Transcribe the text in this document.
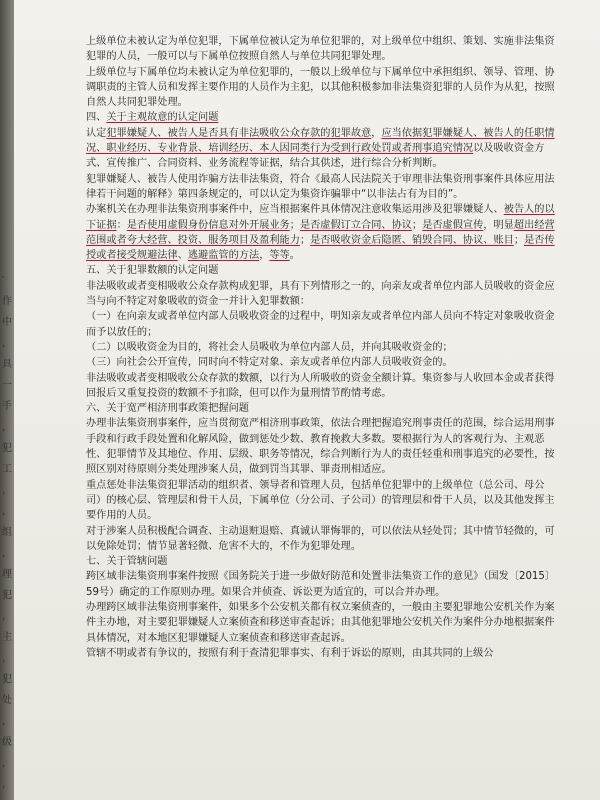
′
作
中
，
具
一
手
，
犯
工
，
，
组
，
理
犯
，
主
，
犯
处
，
级
，
，

上级单位未被认定为单位犯罪，下属单位被认定为单位犯罪的，对上级单位中组织、策划、实施非法集资犯罪的人员，一般可以与下属单位按照自然人与单位共同犯罪处理。

上级单位与下属单位均未被认定为单位犯罪的，一般以上级单位与下属单位中承担组织、领导、管理、协调职责的主管人员和发挥主要作用的人员作为主犯，以其他积极参加非法集资犯罪的人员作为从犯，按照自然人共同犯罪处理。

四、关于主观故意的认定问题

认定犯罪嫌疑人、被告人是否具有非法吸收公众存款的犯罪故意，应当依据犯罪嫌疑人、被告人的任职情况、职业经历、专业背景、培训经历、本人因同类行为受到行政处罚或者刑事追究情况以及吸收资金方式、宣传推广、合同资料、业务流程等证据，结合其供述，进行综合分析判断。

犯罪嫌疑人、被告人使用诈骗方法非法集资，符合《最高人民法院关于审理非法集资刑事案件具体应用法律若干问题的解释》第四条规定的，可以认定为集资诈骗罪中“以非法占有为目的”。

办案机关在办理非法集资刑事案件中，应当根据案件具体情况注意收集运用涉及犯罪嫌疑人、被告人的以下证据：是否使用虚假身份信息对外开展业务；是否虚假订立合同、协议；是否虚假宣传，明显超出经营范围或者夸大经营、投资、服务项目及盈利能力；是否吸收资金后隐匿、销毁合同、协议、账目；是否传授或者接受规避法律、逃避监管的方法，等等。

五、关于犯罪数额的认定问题

非法吸收或者变相吸收公众存款构成犯罪，具有下列情形之一的，向亲友或者单位内部人员吸收的资金应当与向不特定对象吸收的资金一并计入犯罪数额：

（一）在向亲友或者单位内部人员吸收资金的过程中，明知亲友或者单位内部人员向不特定对象吸收资金而予以放任的；

（二）以吸收资金为目的，将社会人员吸收为单位内部人员，并向其吸收资金的；

（三）向社会公开宣传，同时向不特定对象、亲友或者单位内部人员吸收资金的。

非法吸收或者变相吸收公众存款的数额，以行为人所吸收的资金全额计算。集资参与人收回本金或者获得回报后又重复投资的数额不予扣除，但可以作为量刑情节酌情考虑。

六、关于宽严相济刑事政策把握问题

办理非法集资刑事案件，应当贯彻宽严相济刑事政策，依法合理把握追究刑事责任的范围，综合运用刑事手段和行政手段处置和化解风险，做到惩处少数、教育挽救大多数。要根据行为人的客观行为、主观恶性、犯罪情节及其地位、作用、层级、职务等情况，综合判断行为人的责任轻重和刑事追究的必要性，按照区别对待原则分类处理涉案人员，做到罚当其罪、罪责刑相适应。

重点惩处非法集资犯罪活动的组织者、领导者和管理人员，包括单位犯罪中的上级单位（总公司、母公司）的核心层、管理层和骨干人员，下属单位（分公司、子公司）的管理层和骨干人员，以及其他发挥主要作用的人员。

对于涉案人员积极配合调查、主动退赃退赔、真诚认罪悔罪的，可以依法从轻处罚；其中情节轻微的，可以免除处罚；情节显著轻微、危害不大的，不作为犯罪处理。

七、关于管辖问题

跨区域非法集资刑事案件按照《国务院关于进一步做好防范和处置非法集资工作的意见》（国发〔2015〕59号）确定的工作原则办理。如果合并侦查、诉讼更为适宜的，可以合并办理。

办理跨区域非法集资刑事案件，如果多个公安机关都有权立案侦查的，一般由主要犯罪地公安机关作为案件主办地，对主要犯罪嫌疑人立案侦查和移送审查起诉；由其他犯罪地公安机关作为案件分办地根据案件具体情况，对本地区犯罪嫌疑人立案侦查和移送审查起诉。

管辖不明或者有争议的，按照有利于查清犯罪事实、有利于诉讼的原则，由其共同的上级公
